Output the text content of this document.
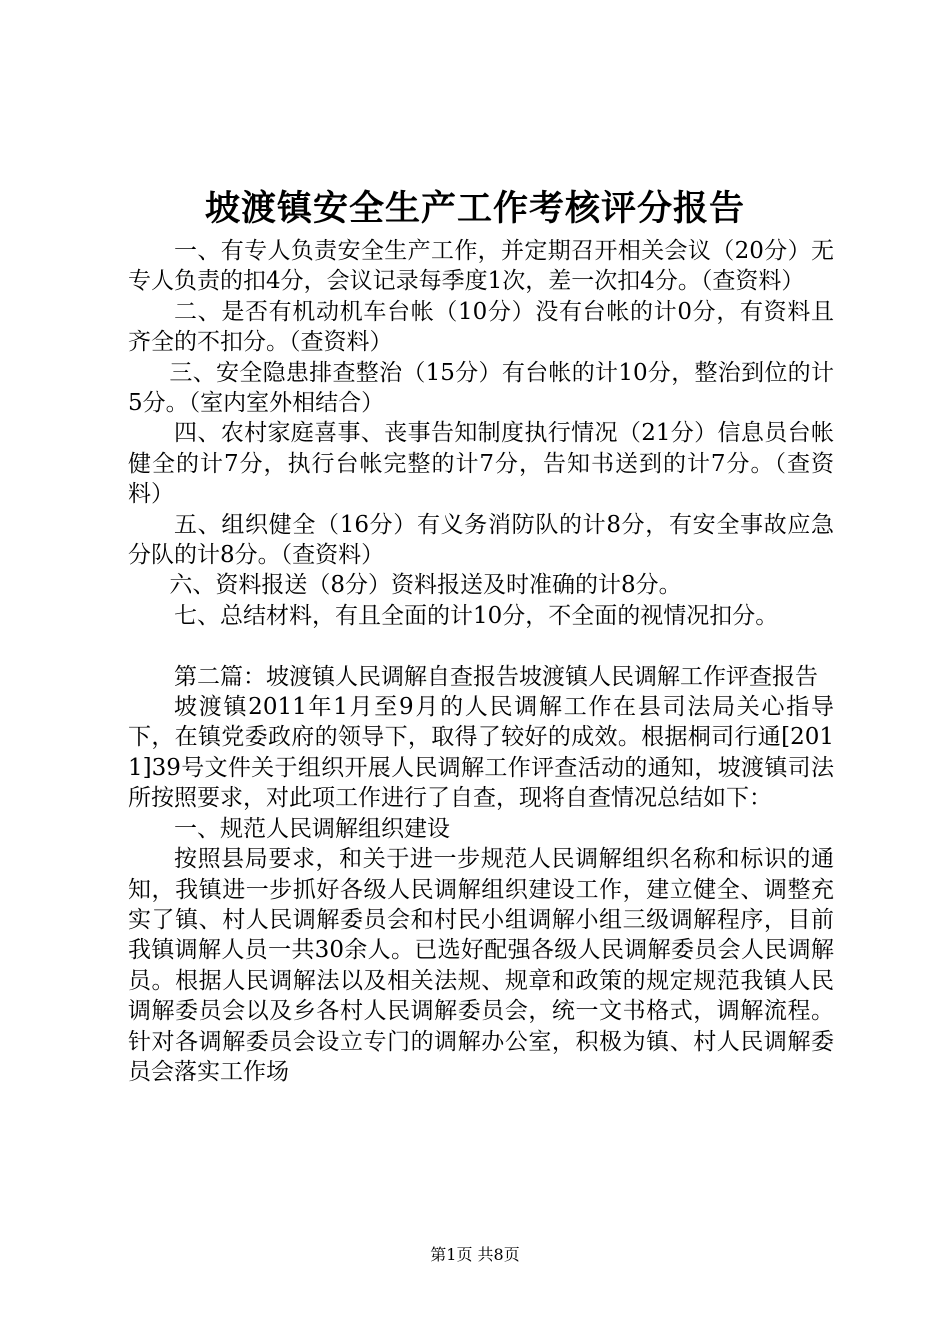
坡渡镇安全生产工作考核评分报告

一、有专人负责安全生产工作，并定期召开相关会议（20分）无专人负责的扣4分，会议记录每季度1次，差一次扣4分。（查资料）

二、是否有机动机车台帐（10分）没有台帐的计0分，有资料且齐全的不扣分。（查资料）

三、安全隐患排查整治（15分）有台帐的计10分，整治到位的计5分。（室内室外相结合）

四、农村家庭喜事、丧事告知制度执行情况（21分）信息员台帐健全的计7分，执行台帐完整的计7分，告知书送到的计7分。（查资料）

五、组织健全（16分）有义务消防队的计8分，有安全事故应急分队的计8分。（查资料）

六、资料报送（8分）资料报送及时准确的计8分。

七、总结材料，有且全面的计10分，不全面的视情况扣分。

第二篇：坡渡镇人民调解自查报告坡渡镇人民调解工作评查报告

坡渡镇2011年1月至9月的人民调解工作在县司法局关心指导下，在镇党委政府的领导下，取得了较好的成效。根据桐司行通[2011]39号文件关于组织开展人民调解工作评查活动的通知，坡渡镇司法所按照要求，对此项工作进行了自查，现将自查情况总结如下：

一、规范人民调解组织建设

按照县局要求，和关于进一步规范人民调解组织名称和标识的通知，我镇进一步抓好各级人民调解组织建设工作，建立健全、调整充实了镇、村人民调解委员会和村民小组调解小组三级调解程序，目前我镇调解人员一共30余人。已选好配强各级人民调解委员会人民调解员。根据人民调解法以及相关法规、规章和政策的规定规范我镇人民调解委员会以及乡各村人民调解委员会，统一文书格式，调解流程。针对各调解委员会设立专门的调解办公室，积极为镇、村人民调解委员会落实工作场

第1页 共8页
